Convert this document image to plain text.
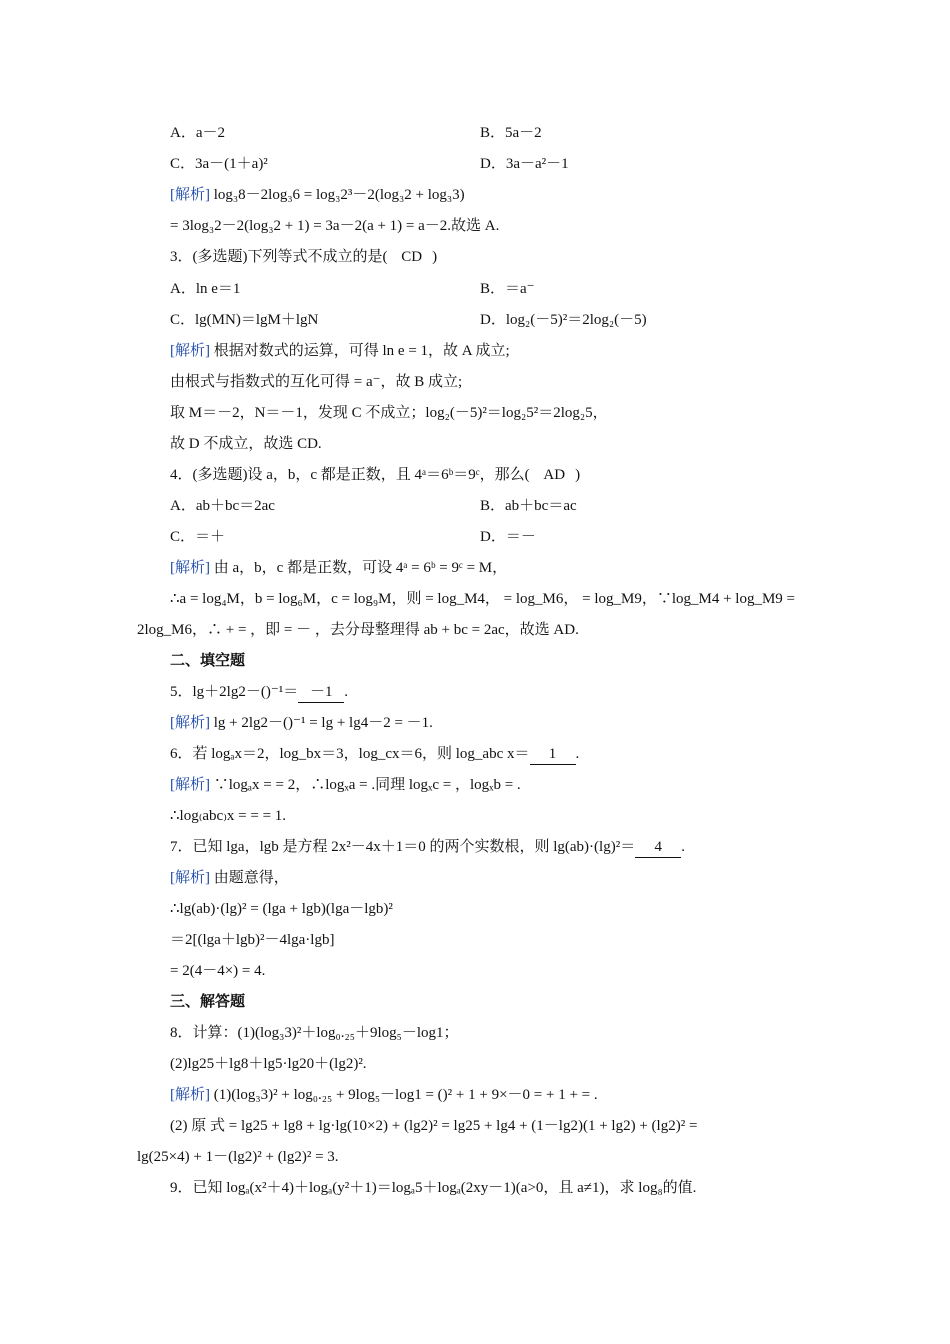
A．a－2	B．5a－2
C．3a－(1＋a)²	D．3a－a²－1
[解析] log₃8－2log₃6 = log₃2³－2(log₃2 + log₃3)
= 3log₃2－2(log₃2 + 1) = 3a－2(a + 1) = a－2.故选 A.
3．(多选题)下列等式不成立的是( CD )
A．ln e＝1	B．＝a⁻
C．lg(MN)＝lgM＋lgN	D．log₂(－5)²＝2log₂(－5)
[解析] 根据对数式的运算，可得 ln e = 1，故 A 成立;
由根式与指数式的互化可得 = a⁻，故 B 成立;
取 M＝－2，N＝－1，发现 C 不成立；log₂(－5)²＝log₂5²＝2log₂5，
故 D 不成立，故选 CD.
4．(多选题)设 a，b，c 都是正数，且 4ᵃ＝6ᵇ＝9ᶜ，那么( AD )
A．ab＋bc＝2ac	B．ab＋bc＝ac
C．＝＋	D．＝－
[解析] 由 a，b，c 都是正数，可设 4ᵃ = 6ᵇ = 9ᶜ = M，
∴a = log₄M，b = log₆M，c = log₉M，则 = log_M4， = log_M6， = log_M9，∵log_M4 + log_M9 =
2log_M6，∴ + = ，即 = － ，去分母整理得 ab + bc = 2ac，故选 AD.
二、填空题
5．lg＋2lg2－()⁻¹＝ －1 .
[解析] lg + 2lg2－()⁻¹ = lg + lg4－2 = －1.
6．若 logₐx＝2，log_bx＝3，log_cx＝6，则 log_abc x＝ 1 .
[解析] ∵logₐx = = 2，∴logₓa = .同理 logₓc = ，logₓb = .
∴log₍abc₎x = = = 1.
7．已知 lga，lgb 是方程 2x²－4x＋1＝0 的两个实数根，则 lg(ab)·(lg)²＝ 4 .
[解析] 由题意得，
∴lg(ab)·(lg)² = (lga + lgb)(lga－lgb)²
＝2[(lga＋lgb)²－4lga·lgb]
= 2(4－4×) = 4.
三、解答题
8．计算：(1)(log₃3)²＋log₀.₂₅＋9log₅－log1；
(2)lg25＋lg8＋lg5·lg20＋(lg2)².
[解析] (1)(log₃3)² + log₀.₂₅ + 9log₅－log1 = ()² + 1 + 9×－0 = + 1 + = .
(2) 原 式 = lg25 + lg8 + lg·lg(10×2) + (lg2)² = lg25 + lg4 + (1－lg2)(1 + lg2) + (lg2)² =
lg(25×4) + 1－(lg2)² + (lg2)² = 3.
9．已知 logₐ(x²＋4)＋logₐ(y²＋1)＝logₐ5＋logₐ(2xy－1)(a>0，且 a≠1)，求 log₈的值.
